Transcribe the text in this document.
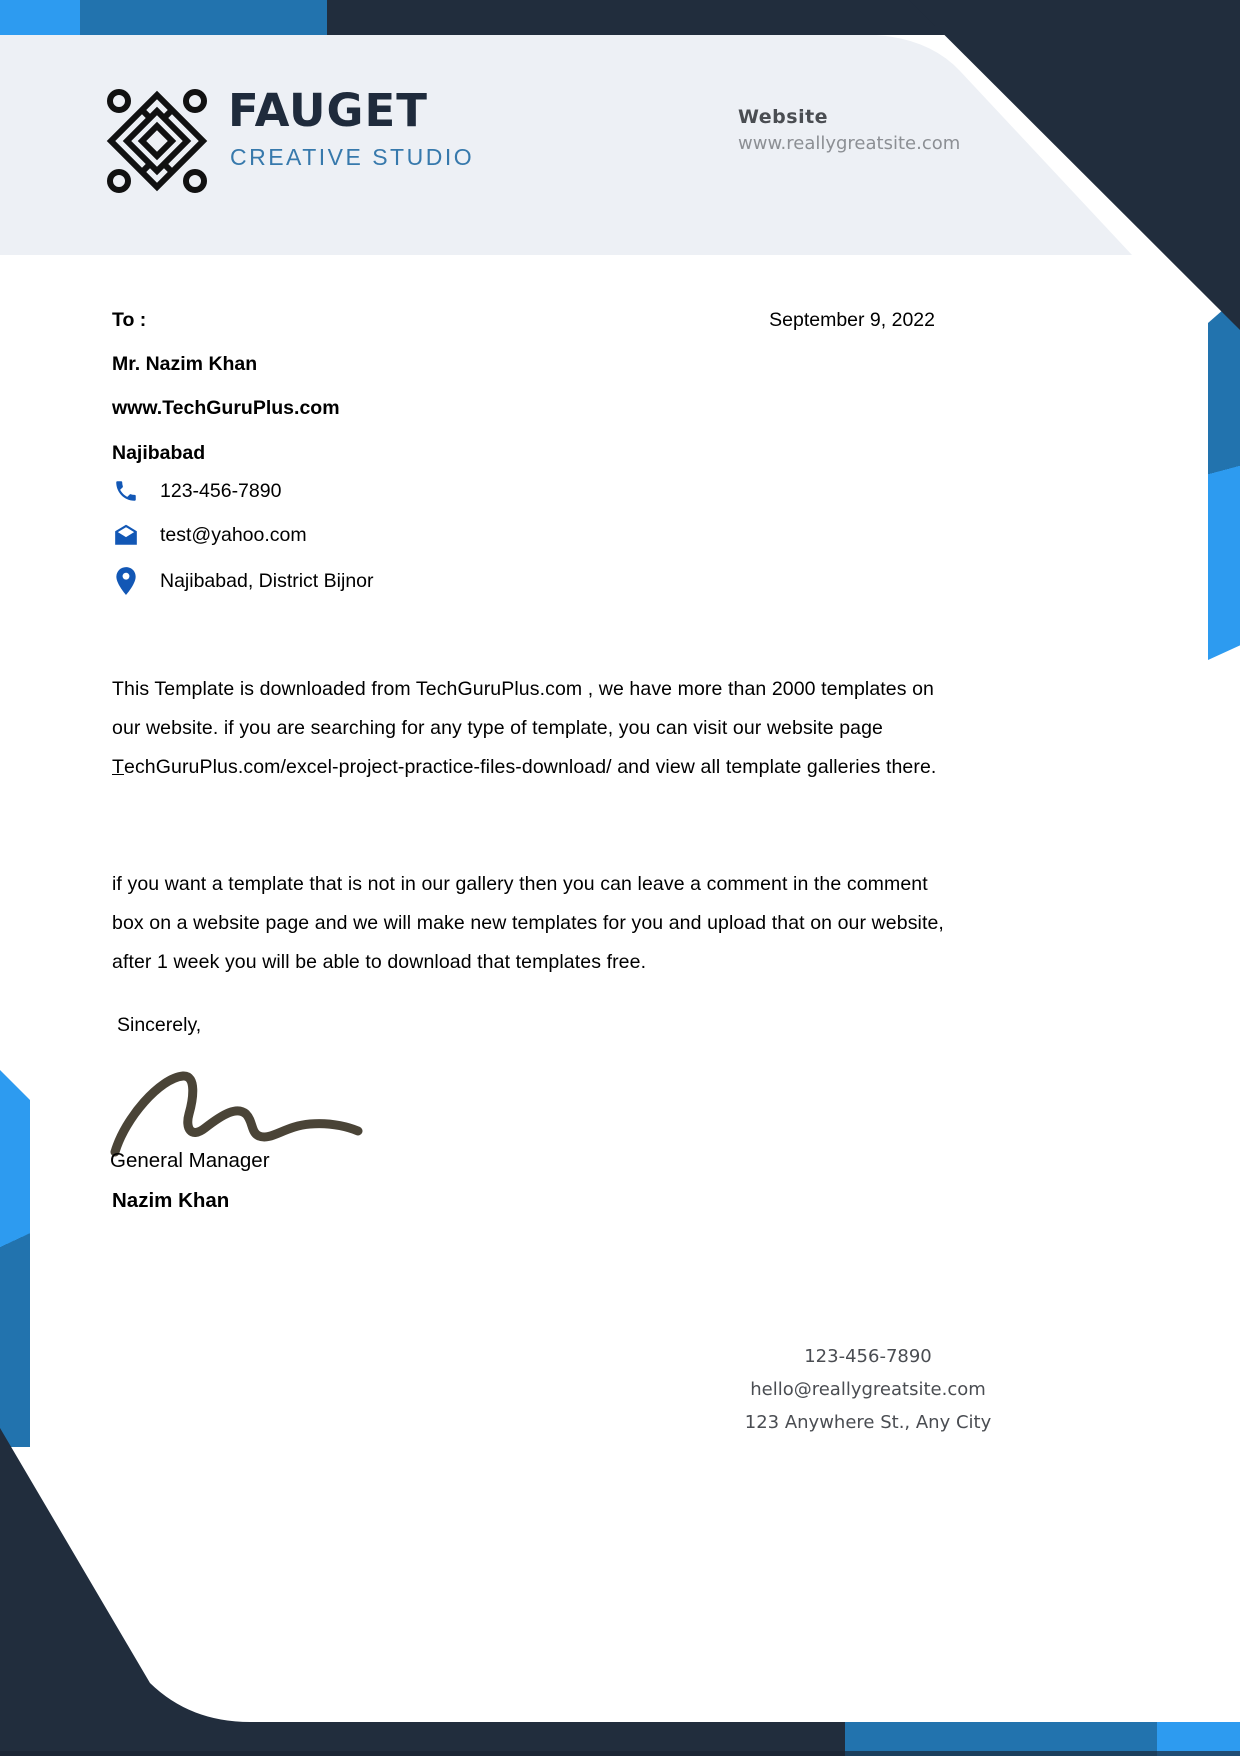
FAUGET
CREATIVE STUDIO
Website
www.reallygreatsite.com
September 9, 2022
To :
Mr. Nazim Khan
www.TechGuruPlus.com
Najibabad
123-456-7890
test@yahoo.com
Najibabad, District Bijnor

This Template is downloaded from TechGuruPlus.com , we have more than 2000 templates on our website. if you are searching for any type of template, you can visit our website page TechGuruPlus.com/excel-project-practice-files-download/ and view all template galleries there.

if you want a template that is not in our gallery then you can leave a comment in the comment box on a website page and we will make new templates for you and upload that on our website, after 1 week you will be able to download that templates free.

Sincerely,
General Manager
Nazim Khan
123-456-7890
hello@reallygreatsite.com
123 Anywhere St., Any City
